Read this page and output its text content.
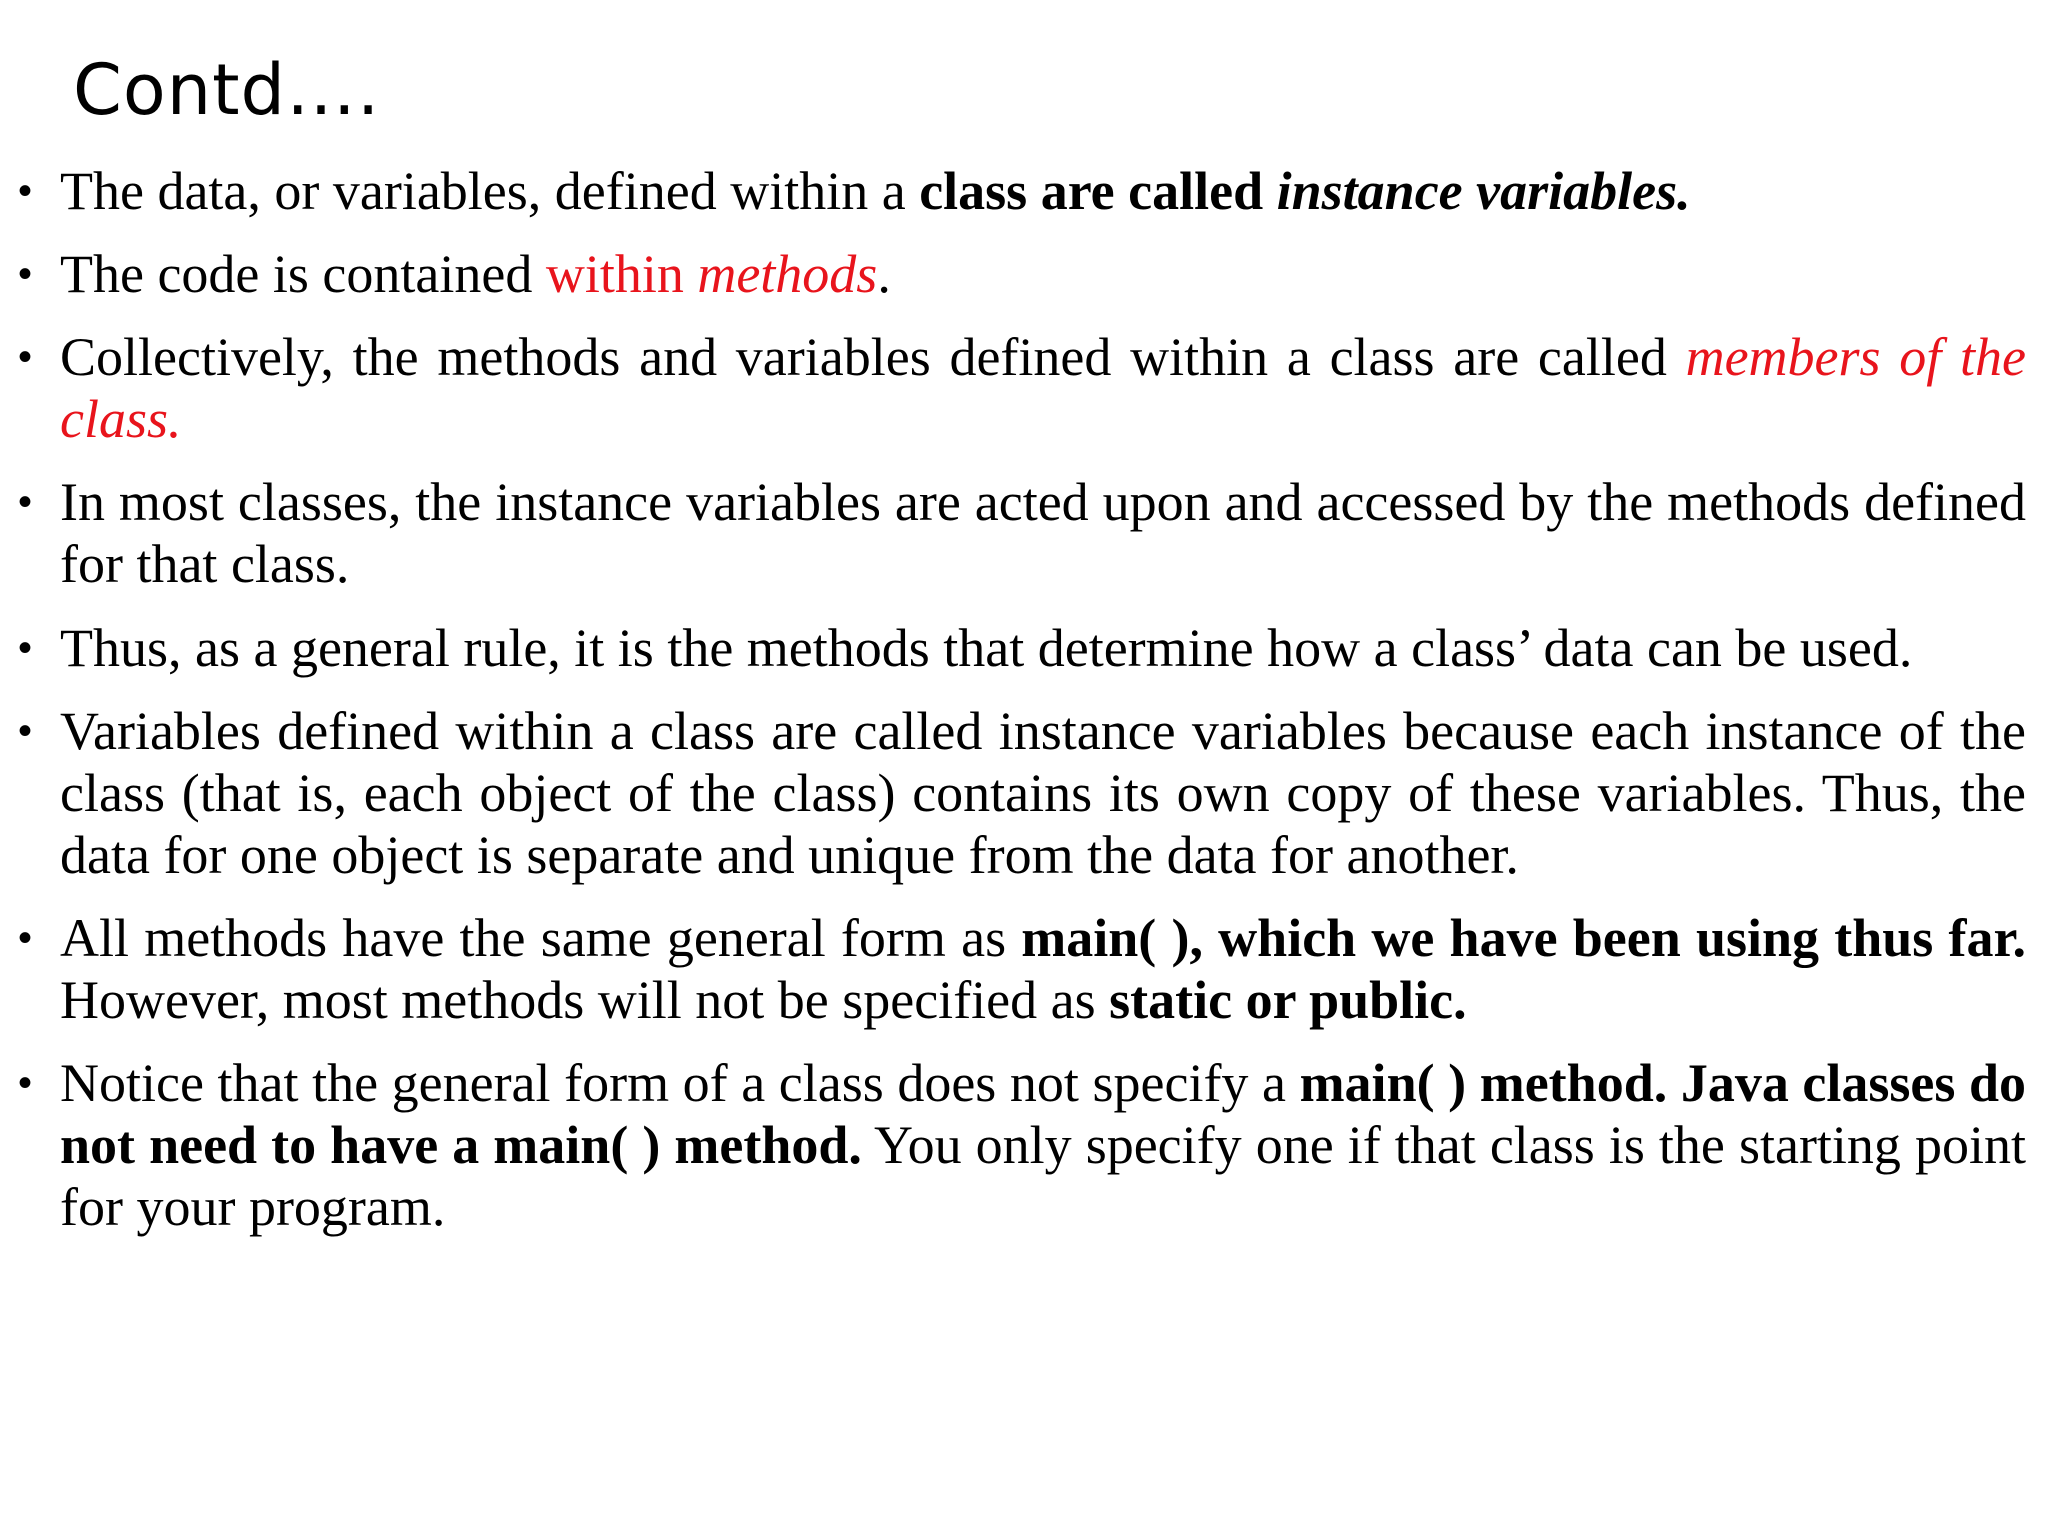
Contd….
• The data, or variables, defined within a class are called instance variables.
• The code is contained within methods.
• Collectively, the methods and variables defined within a class are called members of the class.
• In most classes, the instance variables are acted upon and accessed by the methods defined for that class.
• Thus, as a general rule, it is the methods that determine how a class’ data can be used.
• Variables defined within a class are called instance variables because each instance of the class (that is, each object of the class) contains its own copy of these variables. Thus, the data for one object is separate and unique from the data for another.
• All methods have the same general form as main( ), which we have been using thus far. However, most methods will not be specified as static or public.
• Notice that the general form of a class does not specify a main( ) method. Java classes do not need to have a main( ) method. You only specify one if that class is the starting point for your program.
